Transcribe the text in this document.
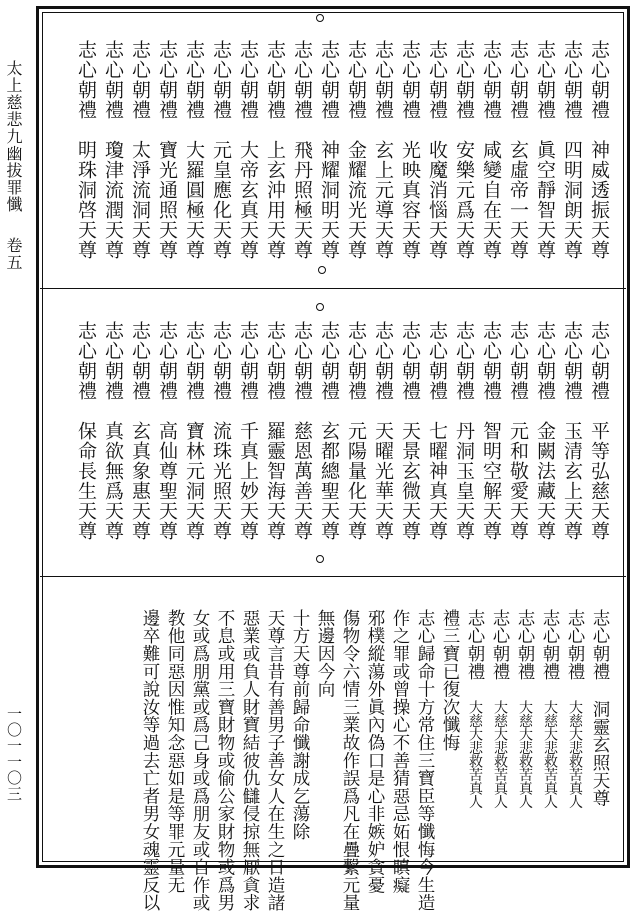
太上慈悲九幽拔罪懺 卷五
一〇一一〇三
志心朝禮神威透振天尊
志心朝禮四明洞朗天尊
志心朝禮眞空靜智天尊
志心朝禮玄虛帝一天尊
志心朝禮咸變自在天尊
志心朝禮安樂元爲天尊
志心朝禮收魔消惱天尊
志心朝禮光映真容天尊
志心朝禮玄上元導天尊
志心朝禮金耀流光天尊
志心朝禮神耀洞明天尊
志心朝禮飛丹照極天尊
志心朝禮上玄沖用天尊
志心朝禮大帝玄真天尊
志心朝禮元皇應化天尊
志心朝禮大羅圓極天尊
志心朝禮寶光通照天尊
志心朝禮太淨流洞天尊
志心朝禮瓊津流潤天尊
志心朝禮明珠洞啓天尊
志心朝禮平等弘慈天尊
志心朝禮玉清玄上天尊
志心朝禮金闕法藏天尊
志心朝禮元和敬愛天尊
志心朝禮智明空解天尊
志心朝禮丹洞玉皇天尊
志心朝禮七曜神真天尊
志心朝禮天景玄微天尊
志心朝禮天曜光華天尊
志心朝禮元陽量化天尊
志心朝禮玄都總聖天尊
志心朝禮慈恩萬善天尊
志心朝禮羅靈智海天尊
志心朝禮千真上妙天尊
志心朝禮流珠光照天尊
志心朝禮寶林元洞天尊
志心朝禮高仙尊聖天尊
志心朝禮玄真象惠天尊
志心朝禮真欲無爲天尊
志心朝禮保命長生天尊
志心朝禮洞靈玄照天尊
志心朝禮大慈大悲救苦真人
志心朝禮大慈大悲救苦真人
志心朝禮大慈大悲救苦真人
志心朝禮大慈大悲救苦真人
志心朝禮大慈大悲救苦真人
禮三寶已復次懺悔
志心歸命十方常住三寶臣等懺悔今生造
作之罪或曾操心不善猜惡忌妬恨瞋癡
邪樸縱蕩外眞內偽口是心非嫉妒貪憂
傷物令六情三業故作誤爲凡在疊繫元量
無邊因今向
十方天尊前歸命懺謝成乞蕩除
天尊言昔有善男子善女人在生之日造諸
惡業或負人財寶結彼仇讎侵掠無厭貪求
不息或用三寶財物或偷公家財物或爲男
女或爲朋黨或爲己身或爲朋友或自作或
教他同惡因惟知念惡如是等罪元量无
邊卒難可說汝等過去亡者男女魂靈反以
